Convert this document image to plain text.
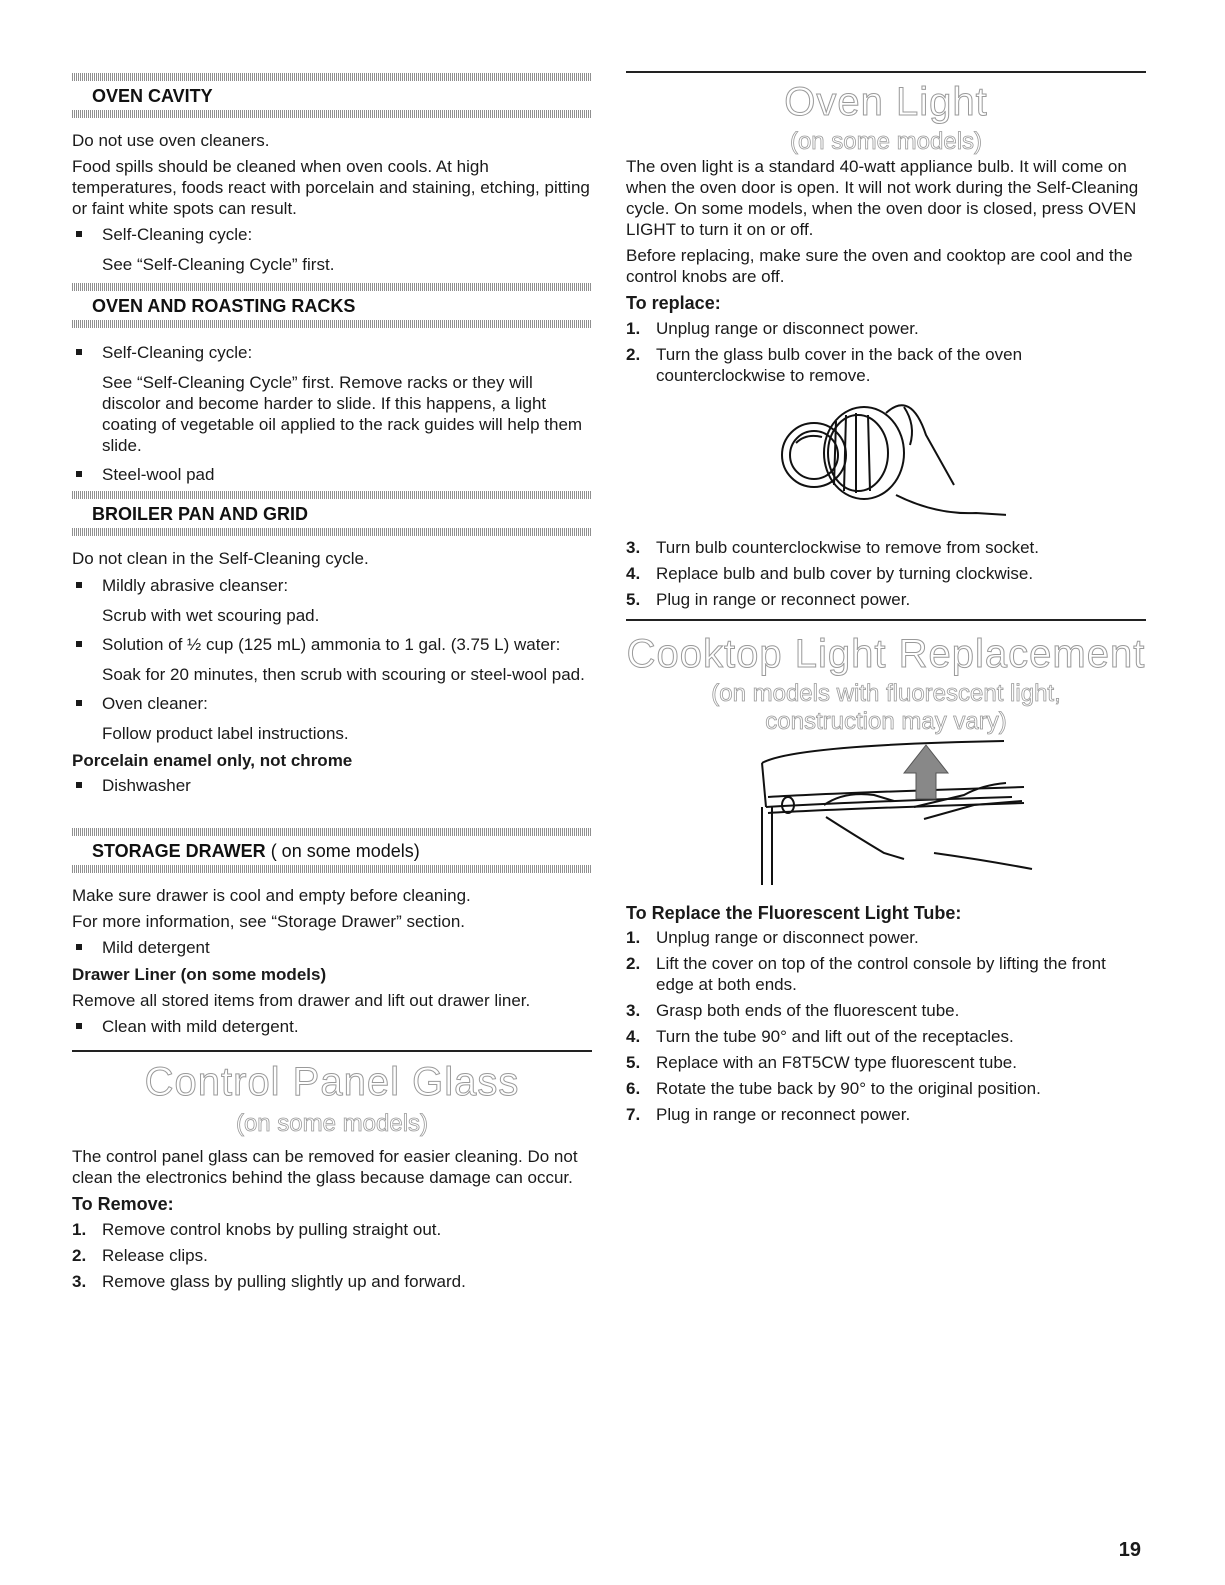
OVEN CAVITY

Do not use oven cleaners.

Food spills should be cleaned when oven cools. At high temperatures, foods react with porcelain and staining, etching, pitting or faint white spots can result.

Self-Cleaning cycle:

See “Self-Cleaning Cycle” first.

OVEN AND ROASTING RACKS

Self-Cleaning cycle:

See “Self-Cleaning Cycle” first. Remove racks or they will discolor and become harder to slide. If this happens, a light coating of vegetable oil applied to the rack guides will help them slide.

Steel-wool pad

BROILER PAN AND GRID

Do not clean in the Self-Cleaning cycle.

Mildly abrasive cleanser:

Scrub with wet scouring pad.

Solution of ½ cup (125 mL) ammonia to 1 gal. (3.75 L) water:

Soak for 20 minutes, then scrub with scouring or steel-wool pad.

Oven cleaner:

Follow product label instructions.

Porcelain enamel only, not chrome

Dishwasher

STORAGE DRAWER ( on some models)

Make sure drawer is cool and empty before cleaning.

For more information, see “Storage Drawer” section.

Mild detergent

Drawer Liner (on some models)

Remove all stored items from drawer and lift out drawer liner.

Clean with mild detergent.

Control Panel Glass
(on some models)

The control panel glass can be removed for easier cleaning. Do not clean the electronics behind the glass because damage can occur.

To Remove:

1. Remove control knobs by pulling straight out.

2. Release clips.

3. Remove glass by pulling slightly up and forward.

Oven Light
(on some models)

The oven light is a standard 40-watt appliance bulb. It will come on when the oven door is open. It will not work during the Self-Cleaning cycle. On some models, when the oven door is closed, press OVEN LIGHT to turn it on or off.

Before replacing, make sure the oven and cooktop are cool and the control knobs are off.

To replace:

1. Unplug range or disconnect power.

2. Turn the glass bulb cover in the back of the oven counterclockwise to remove.

3. Turn bulb counterclockwise to remove from socket.

4. Replace bulb and bulb cover by turning clockwise.

5. Plug in range or reconnect power.

Cooktop Light Replacement
(on models with fluorescent light,
construction may vary)

To Replace the Fluorescent Light Tube:

1. Unplug range or disconnect power.

2. Lift the cover on top of the control console by lifting the front edge at both ends.

3. Grasp both ends of the fluorescent tube.

4. Turn the tube 90° and lift out of the receptacles.

5. Replace with an F8T5CW type fluorescent tube.

6. Rotate the tube back by 90° to the original position.

7. Plug in range or reconnect power.

19
